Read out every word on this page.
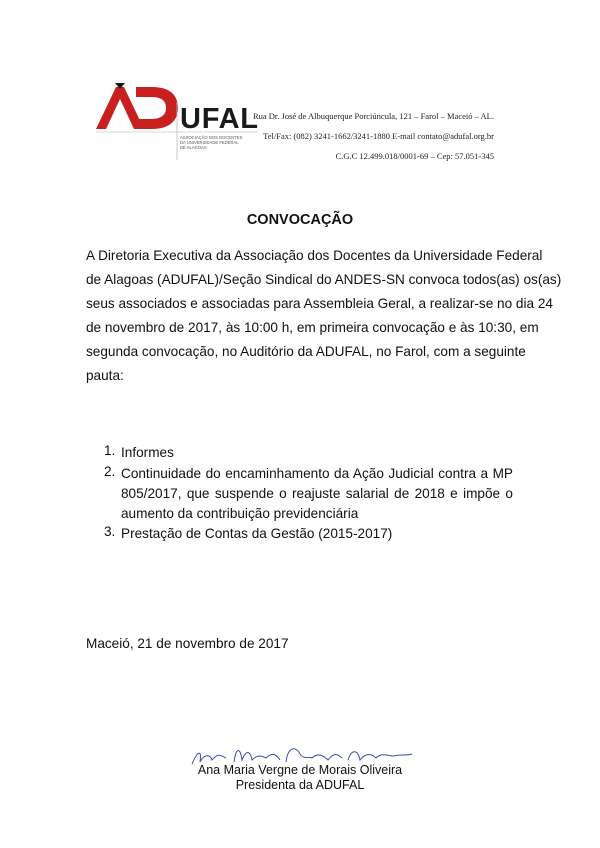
UFAL
ASSOCIAÇÃO DOS DOCENTES
DA UNIVERSIDADE FEDERAL
DE ALAGOAS
Rua Dr. José de Albuquerque Porciúncula, 121 – Farol – Maceió – AL.
Tel/Fax: (082) 3241-1662/3241-1880 E-mail contato@adufal.org.br
C.G.C 12.499.018/0001-69 – Cep: 57.051-345
CONVOCAÇÃO
A Diretoria Executiva da Associação dos Docentes da Universidade Federal
de Alagoas (ADUFAL)/Seção Sindical do ANDES-SN convoca todos(as) os(as)
seus associados e associadas para Assembleia Geral, a realizar-se no dia 24
de novembro de 2017, às 10:00 h, em primeira convocação e às 10:30, em
segunda convocação, no Auditório da ADUFAL, no Farol, com a seguinte
pauta:
1. Informes
2. Continuidade do encaminhamento da Ação Judicial contra a MP 805/2017, que suspende o reajuste salarial de 2018 e impõe o aumento da contribuição previdenciária
3. Prestação de Contas da Gestão (2015-2017)
Maceió, 21 de novembro de 2017
Ana Maria Vergne de Morais Oliveira
Presidenta da ADUFAL
